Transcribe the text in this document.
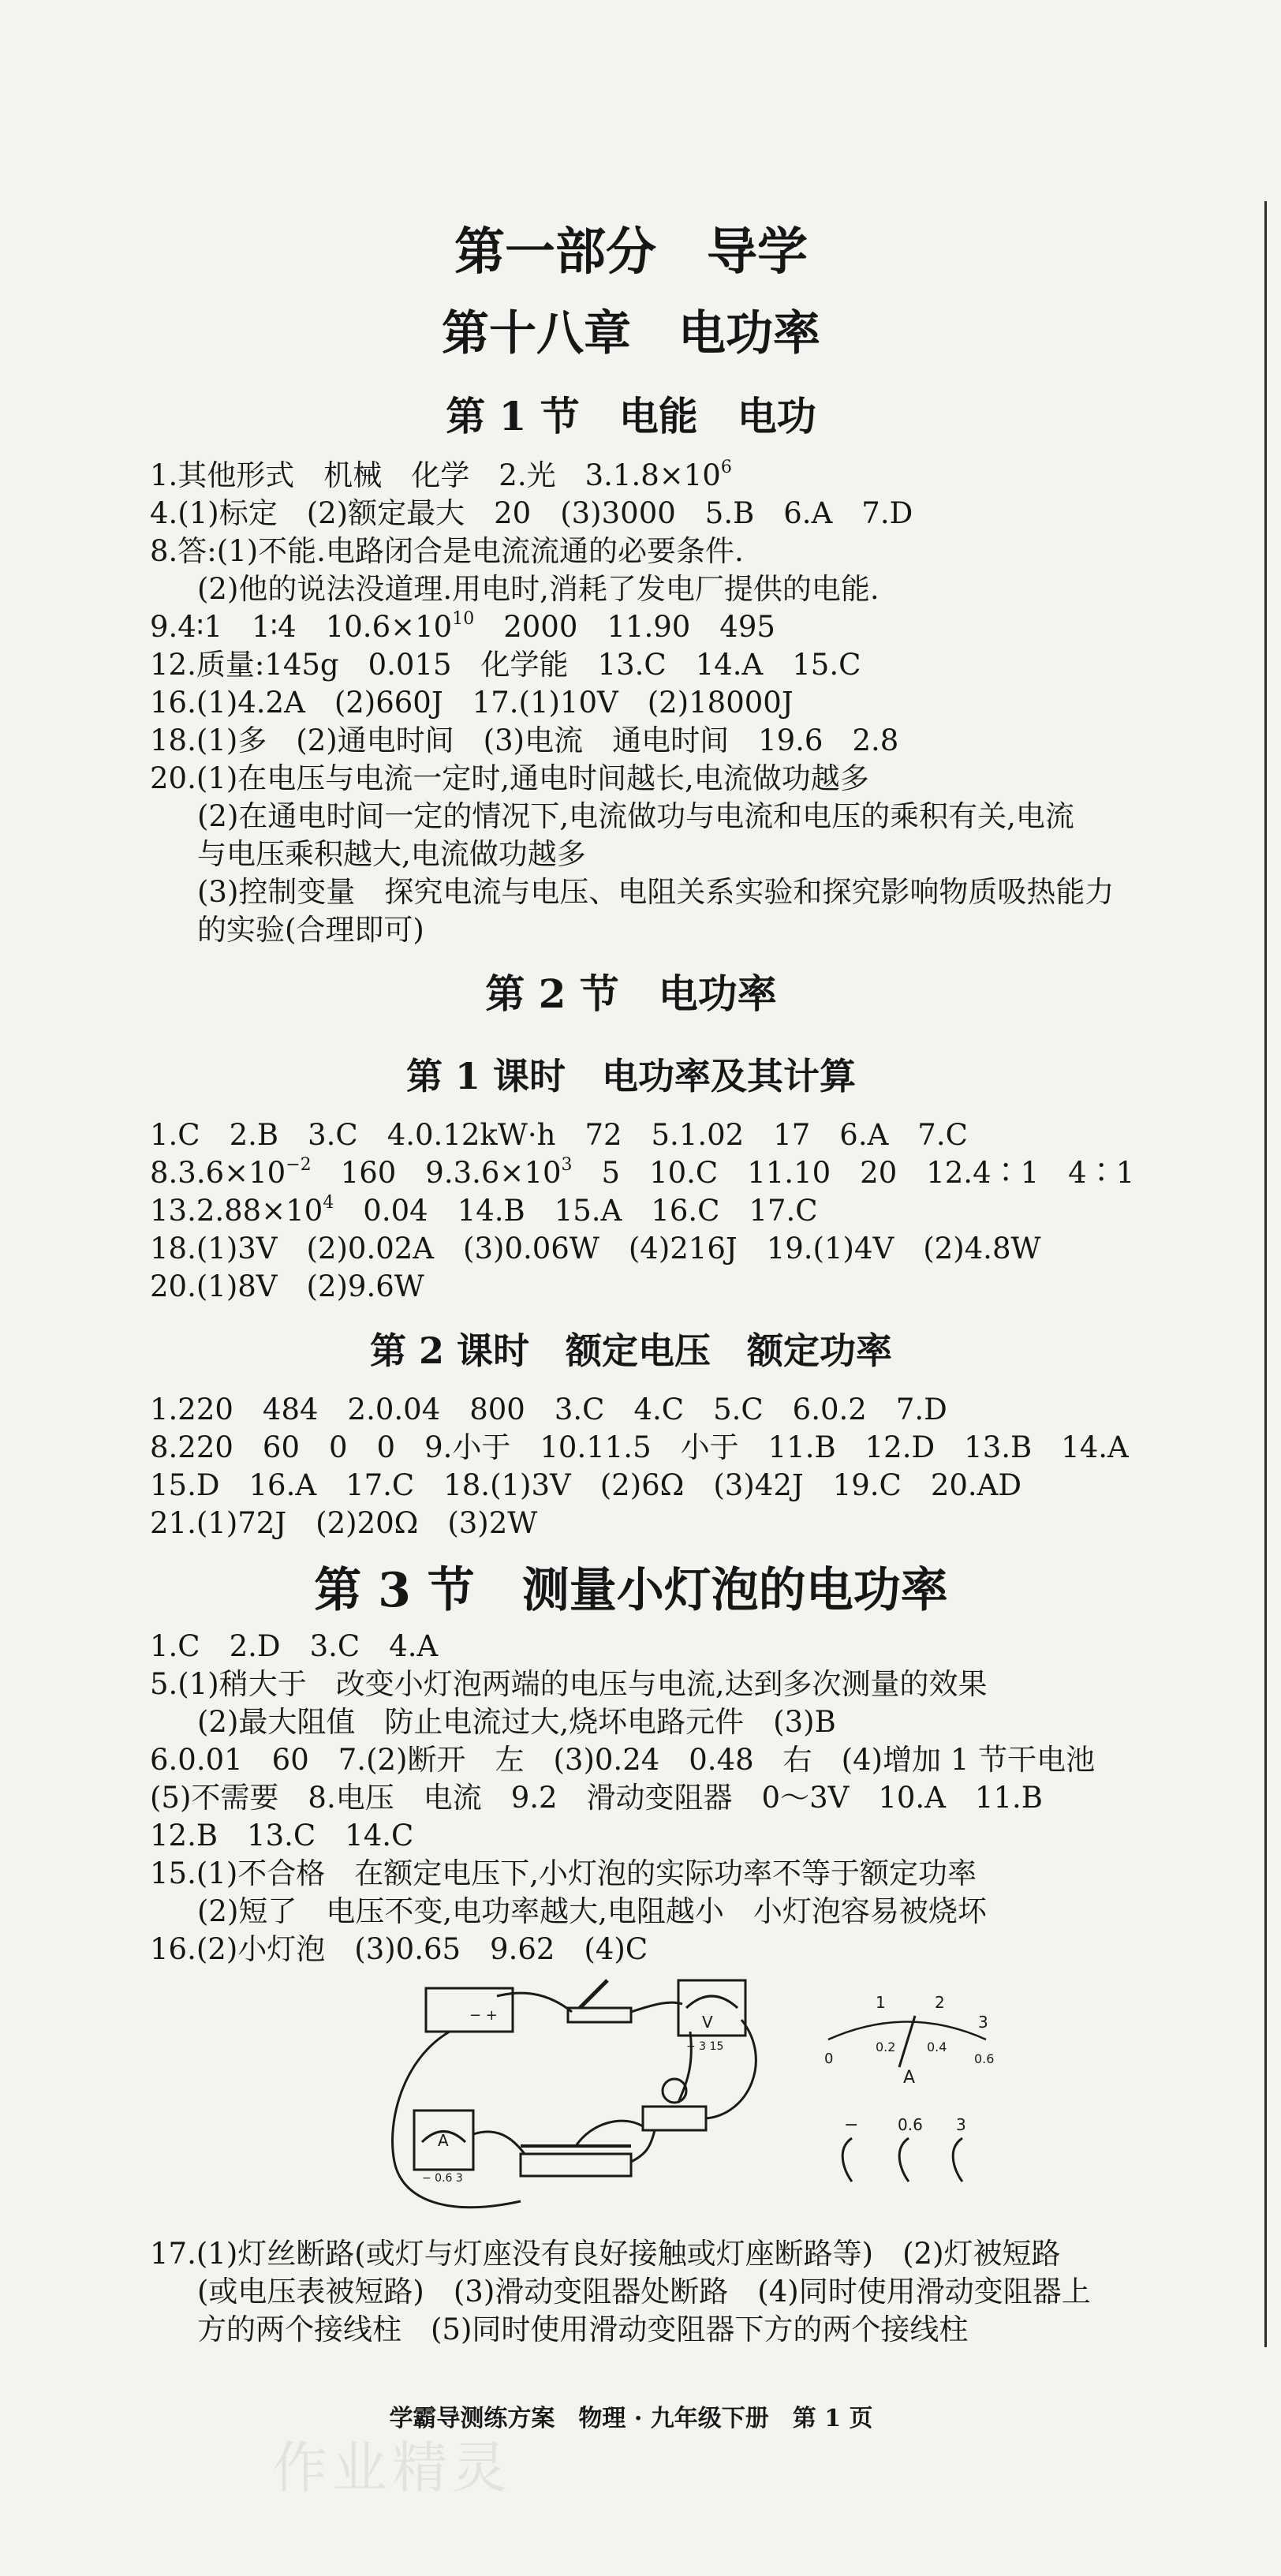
第一部分　导学
第十八章　电功率
第 1 节　电能　电功
1.其他形式　机械　化学　2.光　$3.1.8\times 10^6$
4.(1)标定　(2)额定最大　20　(3)3000　5.B　6.A　7.D
8.答:(1)不能.电路闭合是电流流通的必要条件.
(2)他的说法没道理.用电时,消耗了发电厂提供的电能.
9.4∶1　1∶4　$10.6\times 10^{10}$　2000　11.90　495
12.质量:145g　0.015　化学能　13.C　14.A　15.C
16.(1)4.2A　(2)660J　17.(1)10V　(2)18000J
18.(1)多　(2)通电时间　(3)电流　通电时间　19.6　2.8
20.(1)在电压与电流一定时,通电时间越长,电流做功越多
(2)在通电时间一定的情况下,电流做功与电流和电压的乘积有关,电流
与电压乘积越大,电流做功越多
(3)控制变量　探究电流与电压、电阻关系实验和探究影响物质吸热能力
的实验(合理即可)
第 2 节　电功率
第 1 课时　电功率及其计算
1.C　2.B　3.C　4.0.12kW·h　72　5.1.02　17　6.A　7.C
$8.3.6\times 10^{-2}$　160　$9.3.6\times 10^3$　5　10.C　11.10　20　12.4∶1　4∶1
$13.2.88\times 10^4$　0.04　14.B　15.A　16.C　17.C
18.(1)3V　(2)0.02A　(3)0.06W　(4)216J　19.(1)4V　(2)4.8W
20.(1)8V　(2)9.6W
第 2 课时　额定电压　额定功率
1.220　484　2.0.04　800　3.C　4.C　5.C　6.0.2　7.D
8.220　60　0　0　9.小于　10.11.5　小于　11.B　12.D　13.B　14.A
15.D　16.A　17.C　18.(1)3V　(2)6Ω　(3)42J　19.C　20.AD
21.(1)72J　(2)20Ω　(3)2W
第 3 节　测量小灯泡的电功率
1.C　2.D　3.C　4.A
5.(1)稍大于　改变小灯泡两端的电压与电流,达到多次测量的效果
(2)最大阻值　防止电流过大,烧坏电路元件　(3)B
6.0.01　60　7.(2)断开　左　(3)0.24　0.48　右　(4)增加 1 节干电池
(5)不需要　8.电压　电流　9.2　滑动变阻器　0～3V　10.A　11.B
12.B　13.C　14.C
15.(1)不合格　在额定电压下,小灯泡的实际功率不等于额定功率
(2)短了　电压不变,电功率越大,电阻越小　小灯泡容易被烧坏
16.(2)小灯泡　(3)0.65　9.62　(4)C
− +	V
− 3 15
A
− 0.6 3
1	2
3
0
0.2 0.4
0.6
A
− 0.6 3
17.(1)灯丝断路(或灯与灯座没有良好接触或灯座断路等)　(2)灯被短路
(或电压表被短路)　(3)滑动变阻器处断路　(4)同时使用滑动变阻器上
方的两个接线柱　(5)同时使用滑动变阻器下方的两个接线柱
学霸导测练方案　物理 · 九年级下册　第 1 页
作业精灵
